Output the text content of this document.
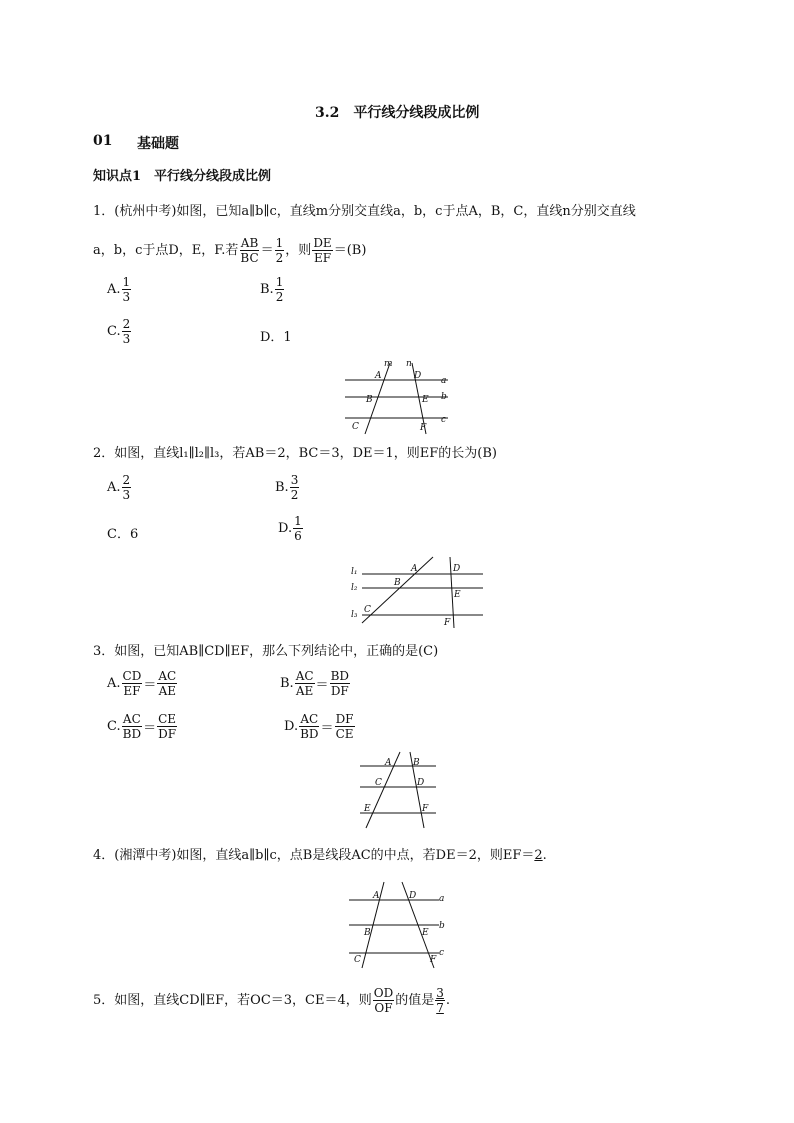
3.2　平行线分线段成比例
01 基础题
知识点1　平行线分线段成比例
1．(杭州中考)如图，已知a∥b∥c，直线m分别交直线a，b，c于点A，B，C，直线n分别交直线
a，b，c于点D，E，F.若 $\frac{AB}{BC} = \frac{1}{2}$ ，则 $\frac{DE}{EF} =(B)$
A. $\frac{1}{3}$	B. $\frac{1}{2}$
C. $\frac{2}{3}$	D．1
m n
A	D a
B	E b
C	F
c
2．如图，直线l₁∥l₂∥l₃，若AB＝2，BC＝3，DE＝1，则EF的长为(B)
A. $\frac{2}{3}$	B. $\frac{3}{2}$
C．6	D. $\frac{1}{6}$
l₁
l₂
l₃
A	D
B
E
C
F
3．如图，已知AB∥CD∥EF，那么下列结论中，正确的是(C)
A. $\frac{CD}{EF} = \frac{AC}{AE}$	B. $\frac{AC}{AE} = \frac{BD}{DF}$
C. $\frac{AC}{BD} = \frac{CE}{DF}$	D. $\frac{AC}{BD} = \frac{DF}{CE}$
A B
C	D
E	F
4．(湘潭中考)如图，直线a∥b∥c，点B是线段AC的中点，若DE＝2，则EF＝ 2 .
A	D	a
B	E
b
C	F
c
5．如图，直线CD∥EF，若OC＝3，CE＝4，则 $\frac{OD}{OF}$ 的值是 $\frac{3}{7}$ .
